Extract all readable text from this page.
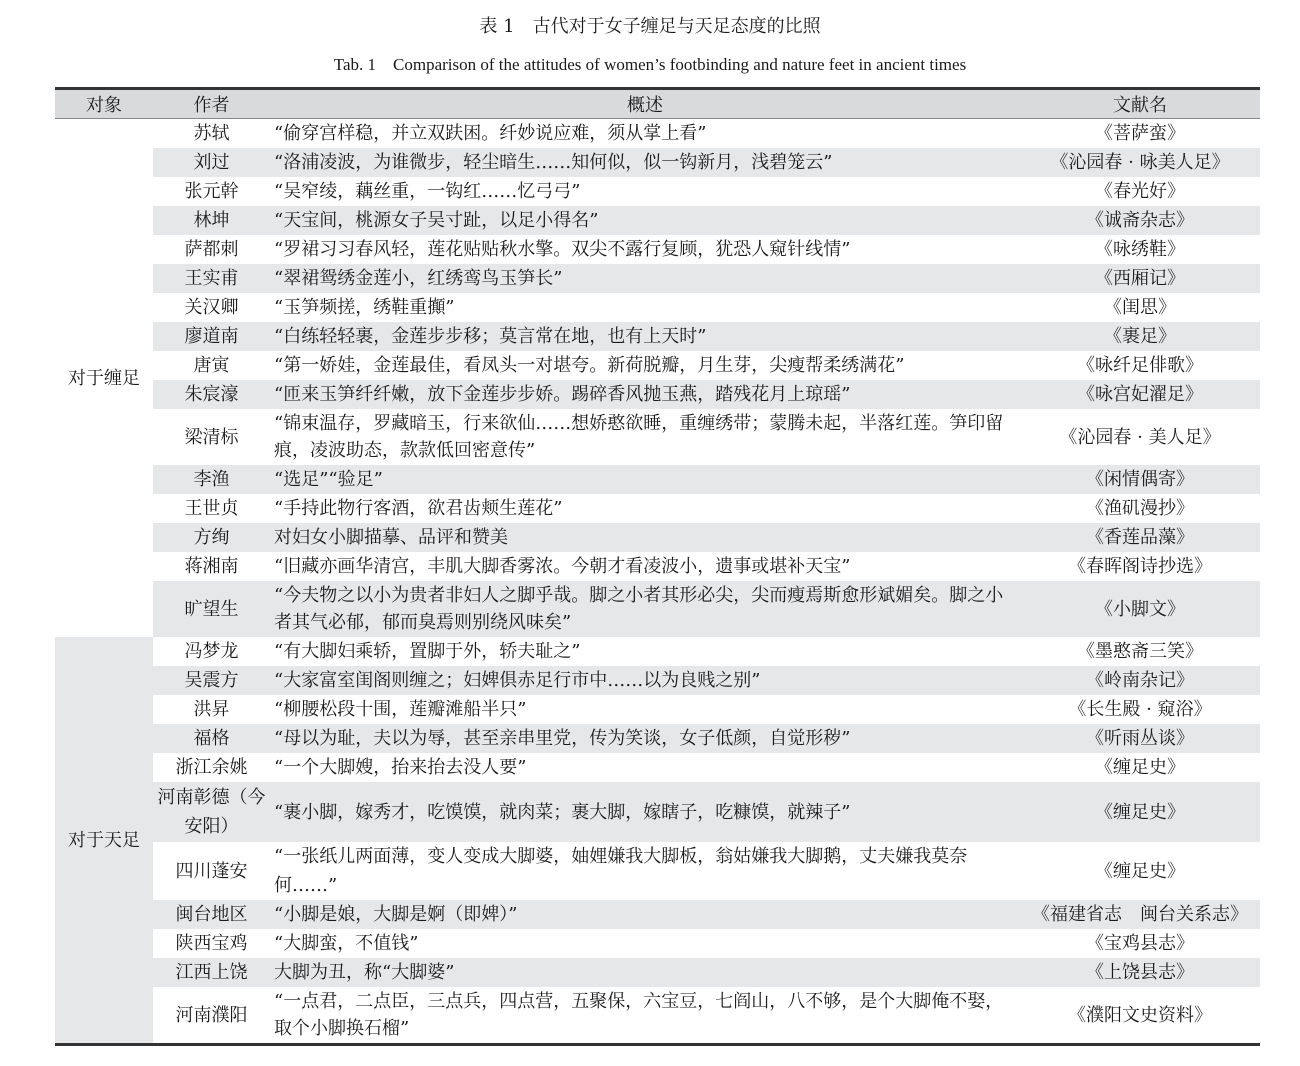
表 1　古代对于女子缠足与天足态度的比照
Tab. 1　Comparison of the attitudes of women’s footbinding and nature feet in ancient times
对象	作者	概述	文献名
对于缠足	苏轼	“偷穿宫样稳，并立双趺困。纤妙说应难，须从掌上看”	《菩萨蛮》
	刘过	“洛浦凌波，为谁微步，轻尘暗生……知何似，似一钩新月，浅碧笼云”	《沁园春 · 咏美人足》
	张元幹	“吴窄绫，藕丝重，一钩红……忆弓弓”	《春光好》
	林坤	“天宝间，桃源女子吴寸趾，以足小得名”	《诚斋杂志》
	萨都刺	“罗裙习习春风轻，莲花贴贴秋水擎。双尖不露行复顾，犹恐人窥针线情”	《咏绣鞋》
	王实甫	“翠裙鸳绣金莲小，红绣鸾鸟玉笋长”	《西厢记》
	关汉卿	“玉笋频搓，绣鞋重攧”	《闺思》
	廖道南	“白练轻轻裹，金莲步步移；莫言常在地，也有上天时”	《裹足》
	唐寅	“第一娇娃，金莲最佳，看凤头一对堪夸。新荷脱瓣，月生芽，尖瘦帮柔绣满花”	《咏纤足俳歌》
	朱宸濠	“匝来玉笋纤纤嫩，放下金莲步步娇。踢碎香风抛玉燕，踏残花月上琼瑶”	《咏宫妃濯足》
	梁清标	“锦束温存，罗藏暗玉，行来欲仙……想娇憨欲睡，重缠绣带；蒙腾未起，半落红莲。笋印留痕，凌波助态，款款低回密意传”	《沁园春 · 美人足》
	李渔	“选足”“验足”	《闲情偶寄》
	王世贞	“手持此物行客酒，欲君齿颊生莲花”	《渔矶漫抄》
	方绚	对妇女小脚描摹、品评和赞美	《香莲品藻》
	蒋湘南	“旧藏亦画华清宫，丰肌大脚香雾浓。今朝才看凌波小，遗事或堪补天宝”	《春晖阁诗抄选》
	旷望生	“今夫物之以小为贵者非妇人之脚乎哉。脚之小者其形必尖，尖而瘦焉斯愈形斌媚矣。脚之小者其气必郁，郁而臭焉则别绕风味矣”	《小脚文》
对于天足	冯梦龙	“有大脚妇乘轿，置脚于外，轿夫耻之”	《墨憨斋三笑》
	吴震方	“大家富室闺阁则缠之；妇婢俱赤足行市中……以为良贱之别”	《岭南杂记》
	洪昇	“柳腰松段十围，莲瓣滩船半只”	《长生殿 · 窥浴》
	福格	“母以为耻，夫以为辱，甚至亲串里党，传为笑谈，女子低颜，自觉形秽”	《听雨丛谈》
	浙江余姚	“一个大脚嫂，抬来抬去没人要”	《缠足史》
	河南彰德（今安阳）	“裹小脚，嫁秀才，吃馍馍，就肉菜；裹大脚，嫁瞎子，吃糠馍，就辣子”	《缠足史》
	四川蓬安	“一张纸儿两面薄，变人变成大脚婆，妯娌嫌我大脚板，翁姑嫌我大脚鹅，丈夫嫌我莫奈何……”	《缠足史》
	闽台地区	“小脚是娘，大脚是婀（即婢）”	《福建省志　闽台关系志》
	陕西宝鸡	“大脚蛮，不值钱”	《宝鸡县志》
	江西上饶	大脚为丑，称“大脚婆”	《上饶县志》
	河南濮阳	“一点君，二点臣，三点兵，四点营，五聚保，六宝豆，七阎山，八不够，是个大脚俺不娶，取个小脚换石榴”	《濮阳文史资料》
